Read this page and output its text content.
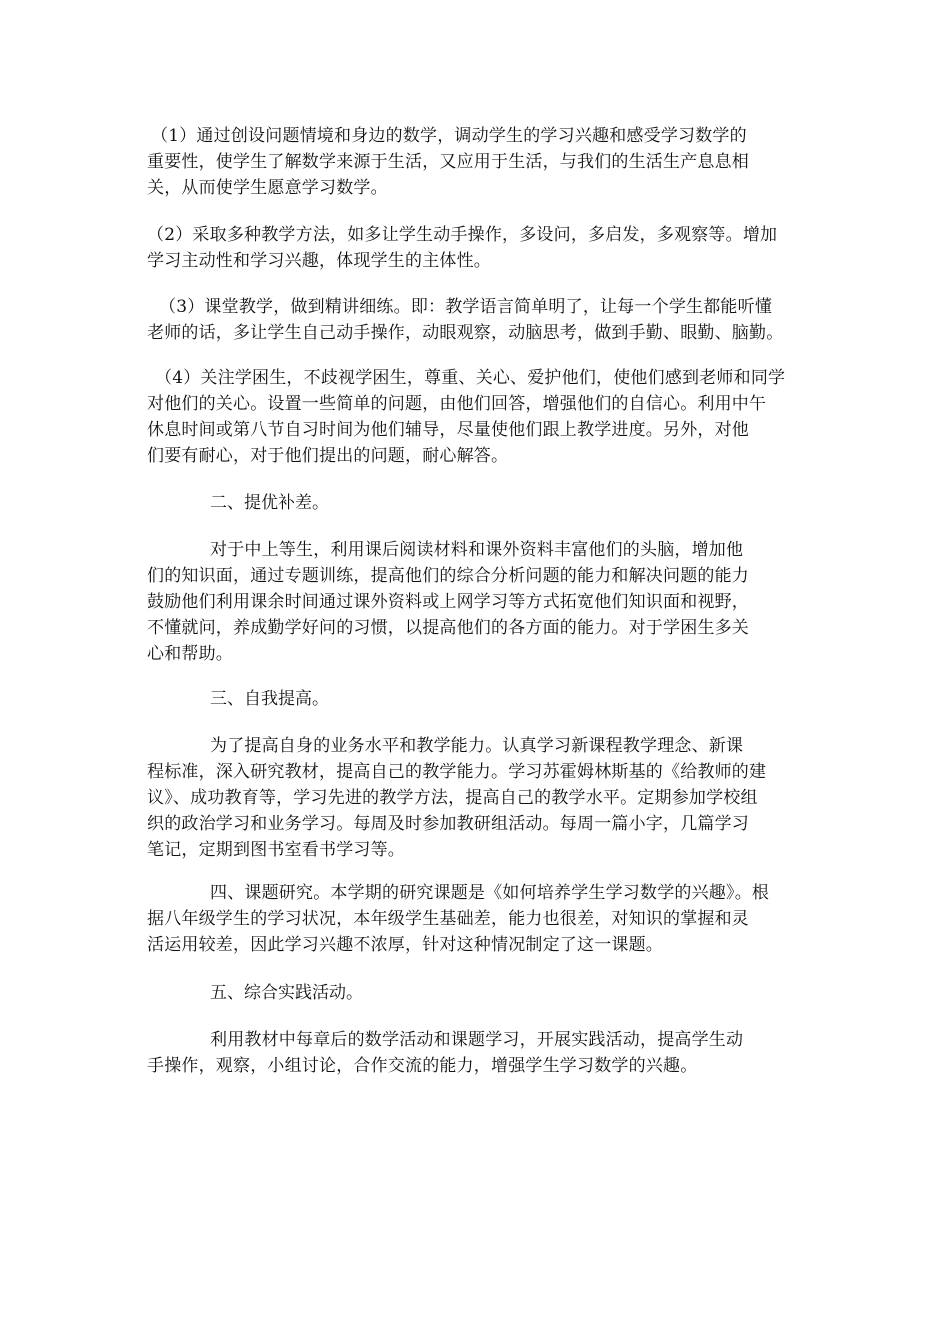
（1）通过创设问题情境和身边的数学，调动学生的学习兴趣和感受学习数学的
重要性，使学生了解数学来源于生活，又应用于生活，与我们的生活生产息息相
关，从而使学生愿意学习数学。
（2）采取多种教学方法，如多让学生动手操作，多设问，多启发，多观察等。增加
学习主动性和学习兴趣，体现学生的主体性。
（3）课堂教学，做到精讲细练。即：教学语言简单明了，让每一个学生都能听懂
老师的话，多让学生自己动手操作，动眼观察，动脑思考，做到手勤、眼勤、脑勤。
（4）关注学困生，不歧视学困生，尊重、关心、爱护他们，使他们感到老师和同学
对他们的关心。设置一些简单的问题，由他们回答，增强他们的自信心。利用中午
休息时间或第八节自习时间为他们辅导，尽量使他们跟上教学进度。另外，对他
们要有耐心，对于他们提出的问题，耐心解答。
二、提优补差。
对于中上等生，利用课后阅读材料和课外资料丰富他们的头脑，增加他
们的知识面，通过专题训练，提高他们的综合分析问题的能力和解决问题的能力
鼓励他们利用课余时间通过课外资料或上网学习等方式拓宽他们知识面和视野，
不懂就问，养成勤学好问的习惯，以提高他们的各方面的能力。对于学困生多关
心和帮助。
三、自我提高。
为了提高自身的业务水平和教学能力。认真学习新课程教学理念、新课
程标准，深入研究教材，提高自己的教学能力。学习苏霍姆林斯基的《给教师的建
议》、成功教育等，学习先进的教学方法，提高自己的教学水平。定期参加学校组
织的政治学习和业务学习。每周及时参加教研组活动。每周一篇小字，几篇学习
笔记，定期到图书室看书学习等。
四、课题研究。本学期的研究课题是《如何培养学生学习数学的兴趣》。根
据八年级学生的学习状况，本年级学生基础差，能力也很差，对知识的掌握和灵
活运用较差，因此学习兴趣不浓厚，针对这种情况制定了这一课题。
五、综合实践活动。
利用教材中每章后的数学活动和课题学习，开展实践活动，提高学生动
手操作，观察，小组讨论，合作交流的能力，增强学生学习数学的兴趣。
